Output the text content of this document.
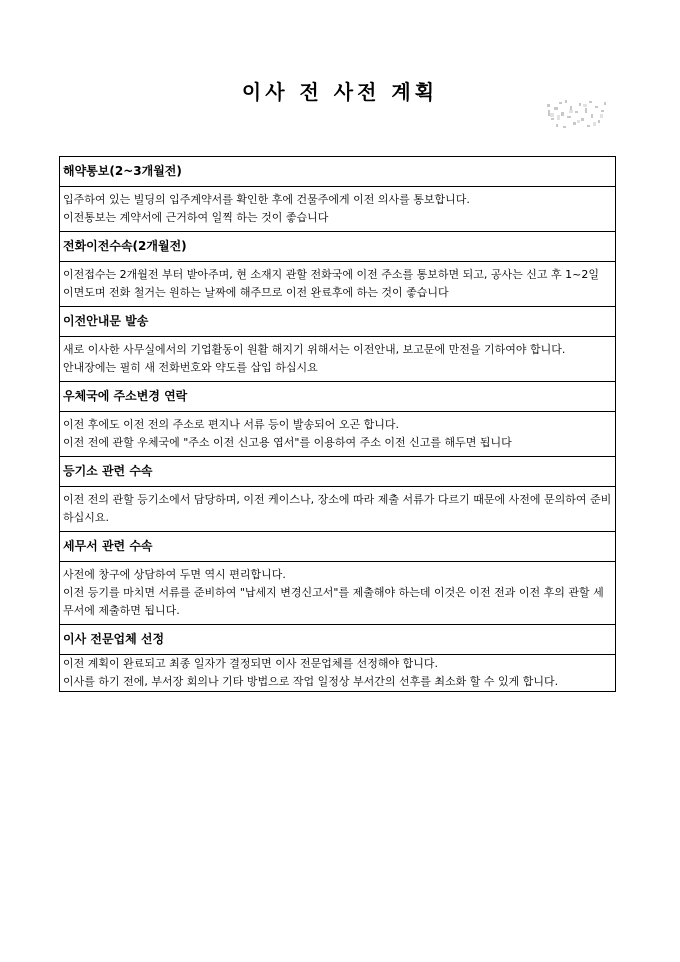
이사 전 사전 계획
해약통보(2~3개월전)

입주하여 있는 빌딩의 입주계약서를 확인한 후에 건물주에게 이전 의사를 통보합니다.

이전통보는 계약서에 근거하여 일찍 하는 것이 좋습니다

전화이전수속(2개월전)

이전접수는 2개월전 부터 받아주며, 현 소재지 관할 전화국에 이전 주소를 통보하면 되고, 공사는 신고 후 1~2일 이면도며 전화 철거는 원하는 날짜에 해주므로 이전 완료후에 하는 것이 좋습니다

이전안내문 발송

새로 이사한 사무실에서의 기업활동이 원활 해지기 위해서는 이전안내, 보고문에 만전을 기하여야 합니다.

안내장에는 필히 새 전화번호와 약도를 삽입 하십시요

우체국에 주소변경 연락

이전 후에도 이전 전의 주소로 편지나 서류 등이 발송되어 오곤 합니다.

이전 전에 관할 우체국에 "주소 이전 신고용 엽서"를 이용하여 주소 이전 신고를 해두면 됩니다

등기소 관련 수속

이전 전의 관할 등기소에서 담당하며, 이전 케이스나, 장소에 따라 제출 서류가 다르기 때문에 사전에 문의하여 준비 하십시요.

세무서 관련 수속

사전에 창구에 상담하여 두면 역시 편리합니다.

이전 등기를 마치면 서류를 준비하여 "납세지 변경신고서"를 제출해야 하는데 이것은 이전 전과 이전 후의 관할 세무서에 제출하면 됩니다.

이사 전문업체 선정

이전 계획이 완료되고 최종 일자가 결정되면 이사 전문업체를 선정해야 합니다.

이사를 하기 전에, 부서장 회의나 기타 방법으로 작업 일정상 부서간의 선후를 최소화 할 수 있게 합니다.
